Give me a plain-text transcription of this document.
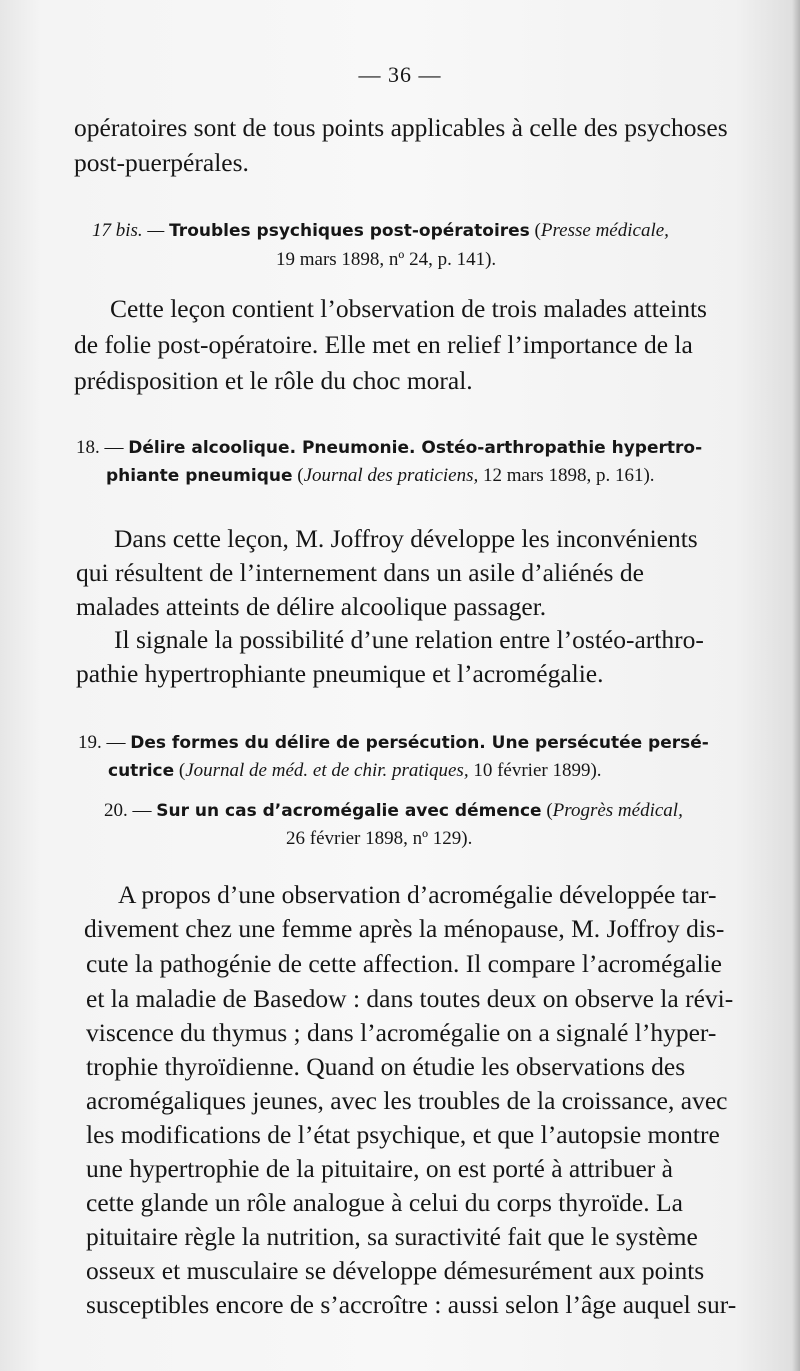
— 36 —
opératoires sont de tous points applicables à celle des psychoses
post-puerpérales.
17 bis. — Troubles psychiques post-opératoires (Presse médicale,
19 mars 1898, nº 24, p. 141).
Cette leçon contient l’observation de trois malades atteints
de folie post-opératoire. Elle met en relief l’importance de la
prédisposition et le rôle du choc moral.
18. — Délire alcoolique. Pneumonie. Ostéo-arthropathie hypertro-
phiante pneumique (Journal des praticiens, 12 mars 1898, p. 161).
Dans cette leçon, M. Joffroy développe les inconvénients
qui résultent de l’internement dans un asile d’aliénés de
malades atteints de délire alcoolique passager.
Il signale la possibilité d’une relation entre l’ostéo-arthro-
pathie hypertrophiante pneumique et l’acromégalie.
19. — Des formes du délire de persécution. Une persécutée persé-
cutrice (Journal de méd. et de chir. pratiques, 10 février 1899).
20. — Sur un cas d’acromégalie avec démence (Progrès médical,
26 février 1898, nº 129).
A propos d’une observation d’acromégalie développée tar-
divement chez une femme après la ménopause, M. Joffroy dis-
cute la pathogénie de cette affection. Il compare l’acromégalie
et la maladie de Basedow : dans toutes deux on observe la révi-
viscence du thymus ; dans l’acromégalie on a signalé l’hyper-
trophie thyroïdienne. Quand on étudie les observations des
acromégaliques jeunes, avec les troubles de la croissance, avec
les modifications de l’état psychique, et que l’autopsie montre
une hypertrophie de la pituitaire, on est porté à attribuer à
cette glande un rôle analogue à celui du corps thyroïde. La
pituitaire règle la nutrition, sa suractivité fait que le système
osseux et musculaire se développe démesurément aux points
susceptibles encore de s’accroître : aussi selon l’âge auquel sur-
